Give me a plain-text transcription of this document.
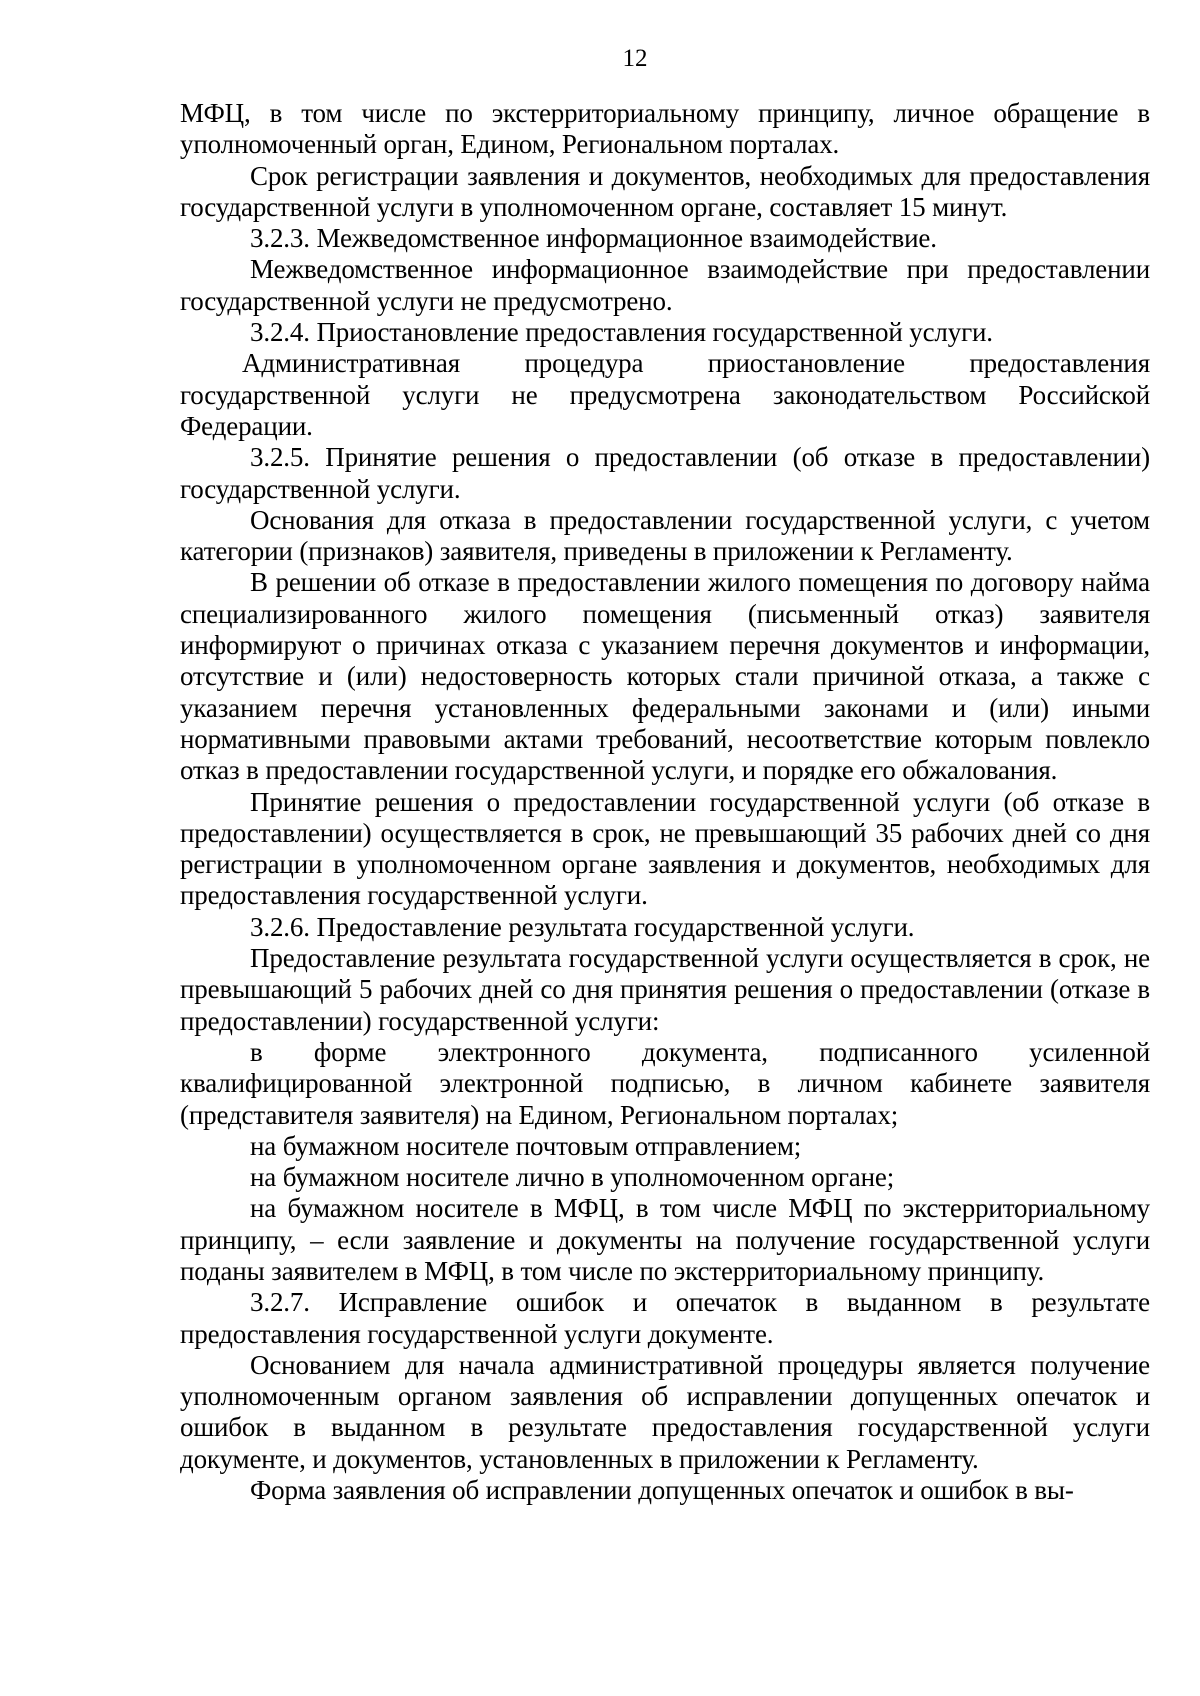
12

МФЦ, в том числе по экстерриториальному принципу, личное обращение в уполномоченный орган, Едином, Региональном порталах.

Срок регистрации заявления и документов, необходимых для предоставления государственной услуги в уполномоченном органе, составляет 15 минут.

3.2.3. Межведомственное информационное взаимодействие.

Межведомственное информационное взаимодействие при предоставлении государственной услуги не предусмотрено.

3.2.4. Приостановление предоставления государственной услуги.

Административная процедура приостановление предоставления государственной услуги не предусмотрена законодательством Российской Федерации.

3.2.5. Принятие решения о предоставлении (об отказе в предоставлении) государственной услуги.

Основания для отказа в предоставлении государственной услуги, с учетом категории (признаков) заявителя, приведены в приложении к Регламенту.

В решении об отказе в предоставлении жилого помещения по договору найма специализированного жилого помещения (письменный отказ) заявителя информируют о причинах отказа с указанием перечня документов и информации, отсутствие и (или) недостоверность которых стали причиной отказа, а также с указанием перечня установленных федеральными законами и (или) иными нормативными правовыми актами требований, несоответствие которым повлекло отказ в предоставлении государственной услуги, и порядке его обжалования.

Принятие решения о предоставлении государственной услуги (об отказе в предоставлении) осуществляется в срок, не превышающий 35 рабочих дней со дня регистрации в уполномоченном органе заявления и документов, необходимых для предоставления государственной услуги.

3.2.6. Предоставление результата государственной услуги.

Предоставление результата государственной услуги осуществляется в срок, не превышающий 5 рабочих дней со дня принятия решения о предоставлении (отказе в предоставлении) государственной услуги:

в форме электронного документа, подписанного усиленной квалифицированной электронной подписью, в личном кабинете заявителя (представителя заявителя) на Едином, Региональном порталах;

на бумажном носителе почтовым отправлением;

на бумажном носителе лично в уполномоченном органе;

на бумажном носителе в МФЦ, в том числе МФЦ по экстерриториальному принципу, – если заявление и документы на получение государственной услуги поданы заявителем в МФЦ, в том числе по экстерриториальному принципу.

3.2.7. Исправление ошибок и опечаток в выданном в результате предоставления государственной услуги документе.

Основанием для начала административной процедуры является получение уполномоченным органом заявления об исправлении допущенных опечаток и ошибок в выданном в результате предоставления государственной услуги документе, и документов, установленных в приложении к Регламенту.

Форма заявления об исправлении допущенных опечаток и ошибок в вы-
